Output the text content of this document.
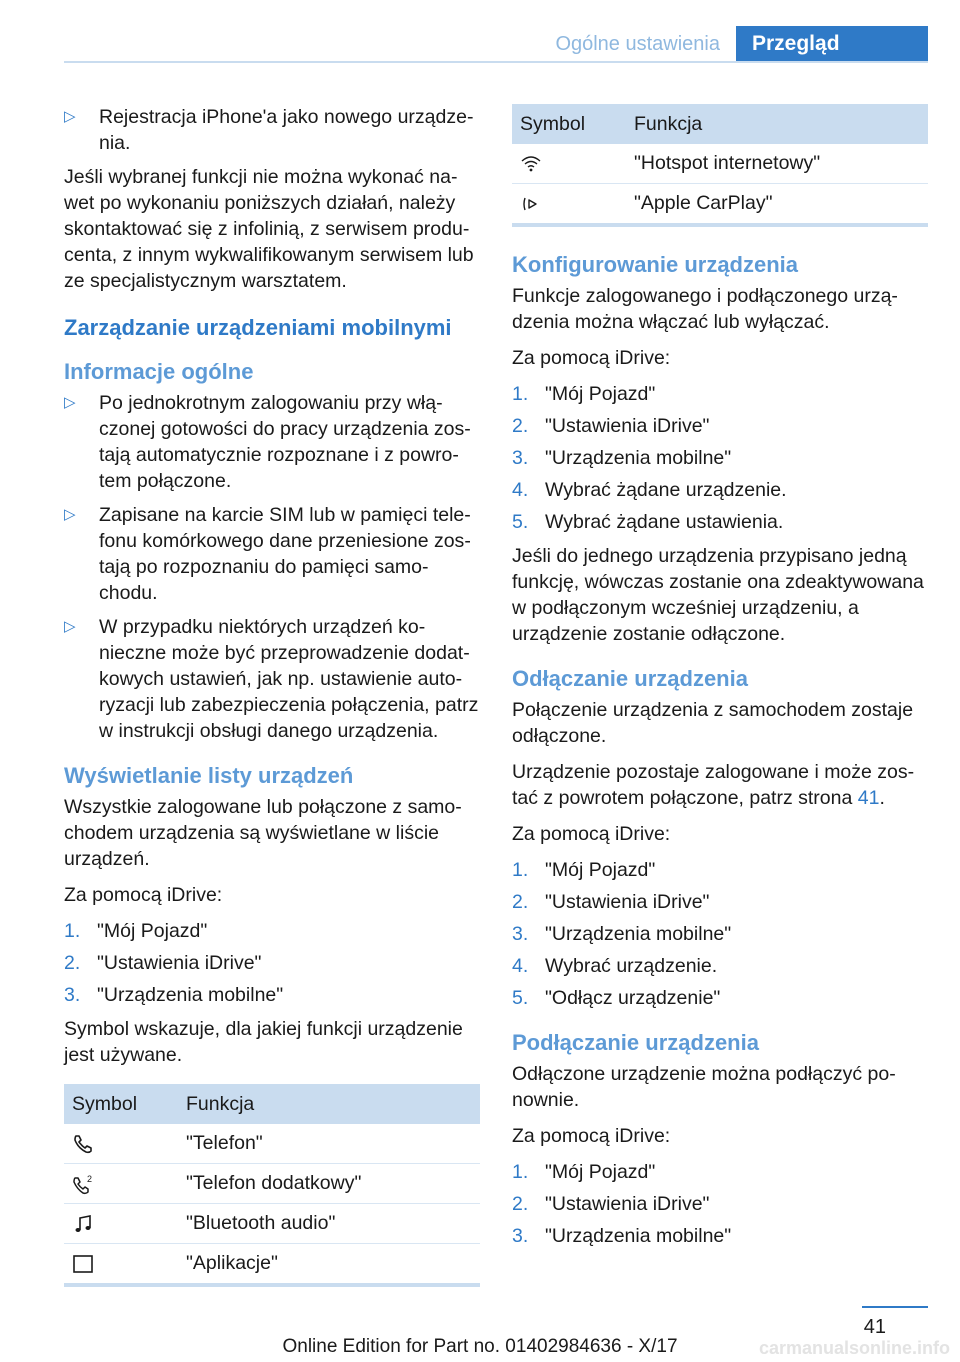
Ogólne ustawienia	Przegląd
▷ Rejestracja iPhone'a jako nowego urządzenia.

Jeśli wybranej funkcji nie można wykonać nawet po wykonaniu poniższych działań, należy skontaktować się z infolinią, z serwisem producenta, z innym wykwalifikowanym serwisem lub ze specjalistycznym warsztatem.

Zarządzanie urządzeniami mobilnymi
Informacje ogólne
▷ Po jednokrotnym zalogowaniu przy włączonej gotowości do pracy urządzenia zostają automatycznie rozpoznane i z powrotem połączone.
▷ Zapisane na karcie SIM lub w pamięci telefonu komórkowego dane przeniesione zostają po rozpoznaniu do pamięci samochodu.
▷ W przypadku niektórych urządzeń konieczne może być przeprowadzenie dodatkowych ustawień, jak np. ustawienie autoryzacji lub zabezpieczenia połączenia, patrz w instrukcji obsługi danego urządzenia.
Wyświetlanie listy urządzeń

Wszystkie zalogowane lub połączone z samochodem urządzenia są wyświetlane w liście urządzeń.

Za pomocą iDrive:

1. "Mój Pojazd"
2. "Ustawienia iDrive"
3. "Urządzenia mobilne"

Symbol wskazuje, dla jakiej funkcji urządzenie jest używane.

Symbol	Funkcja
	"Telefon"

2	"Telefon dodatkowy"
	"Bluetooth audio"
	"Aplikacje"
Symbol	Funkcja
	"Hotspot internetowy"
	"Apple CarPlay"
Konfigurowanie urządzenia

Funkcje zalogowanego i podłączonego urządzenia można włączać lub wyłączać.

Za pomocą iDrive:

1. "Mój Pojazd"
2. "Ustawienia iDrive"
3. "Urządzenia mobilne"
4. Wybrać żądane urządzenie.
5. Wybrać żądane ustawienia.

Jeśli do jednego urządzenia przypisano jedną funkcję, wówczas zostanie ona zdeaktywowana w podłączonym wcześniej urządzeniu, a urządzenie zostanie odłączone.

Odłączanie urządzenia

Połączenie urządzenia z samochodem zostaje odłączone.

Urządzenie pozostaje zalogowane i może zostać z powrotem połączone, patrz strona 41.

Za pomocą iDrive:

1. "Mój Pojazd"
2. "Ustawienia iDrive"
3. "Urządzenia mobilne"
4. Wybrać urządzenie.
5. "Odłącz urządzenie"
Podłączanie urządzenia

Odłączone urządzenie można podłączyć ponownie.

Za pomocą iDrive:

1. "Mój Pojazd"
2. "Ustawienia iDrive"
3. "Urządzenia mobilne"
41
Online Edition for Part no. 01402984636 - X/17	carmanualsonline.info
